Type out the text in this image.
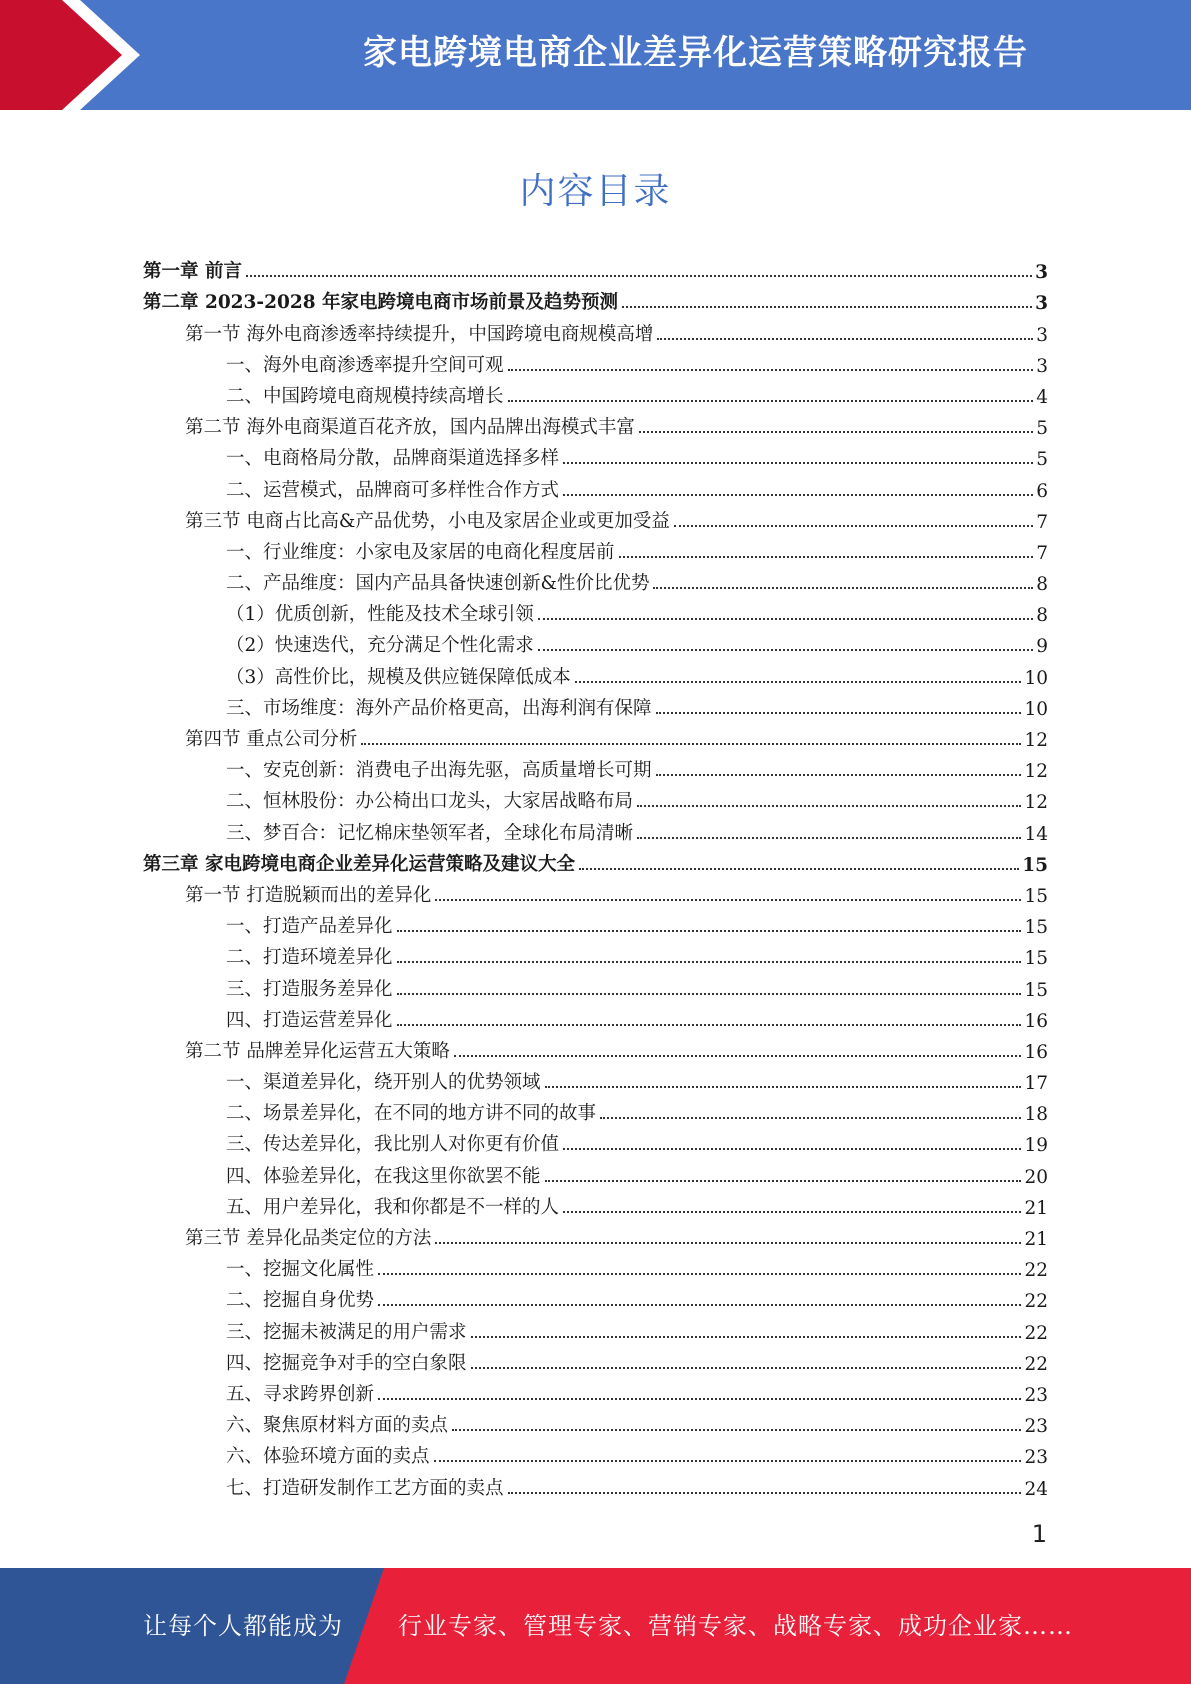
家电跨境电商企业差异化运营策略研究报告
内容目录
第一章 前言	3
第二章 2023-2028 年家电跨境电商市场前景及趋势预测	3
第一节 海外电商渗透率持续提升，中国跨境电商规模高增	3
一、海外电商渗透率提升空间可观	3
二、中国跨境电商规模持续高增长	4
第二节 海外电商渠道百花齐放，国内品牌出海模式丰富	5
一、电商格局分散，品牌商渠道选择多样	5
二、运营模式，品牌商可多样性合作方式	6
第三节 电商占比高&产品优势，小电及家居企业或更加受益	7
一、行业维度：小家电及家居的电商化程度居前	7
二、产品维度：国内产品具备快速创新&性价比优势	8
（1）优质创新，性能及技术全球引领	8
（2）快速迭代，充分满足个性化需求	9
（3）高性价比，规模及供应链保障低成本	10
三、市场维度：海外产品价格更高，出海利润有保障	10
第四节 重点公司分析	12
一、安克创新：消费电子出海先驱，高质量增长可期	12
二、恒林股份：办公椅出口龙头，大家居战略布局	12
三、梦百合：记忆棉床垫领军者，全球化布局清晰	14
第三章 家电跨境电商企业差异化运营策略及建议大全	15
第一节 打造脱颖而出的差异化	15
一、打造产品差异化	15
二、打造环境差异化	15
三、打造服务差异化	15
四、打造运营差异化	16
第二节 品牌差异化运营五大策略	16
一、渠道差异化，绕开别人的优势领域	17
二、场景差异化，在不同的地方讲不同的故事	18
三、传达差异化，我比别人对你更有价值	19
四、体验差异化，在我这里你欲罢不能	20
五、用户差异化，我和你都是不一样的人	21
第三节 差异化品类定位的方法	21
一、挖掘文化属性	22
二、挖掘自身优势	22
三、挖掘未被满足的用户需求	22
四、挖掘竞争对手的空白象限	22
五、寻求跨界创新	23
六、聚焦原材料方面的卖点	23
六、体验环境方面的卖点	23
七、打造研发制作工艺方面的卖点	24
1
让每个人都能成为 行业专家、管理专家、营销专家、战略专家、成功企业家……
